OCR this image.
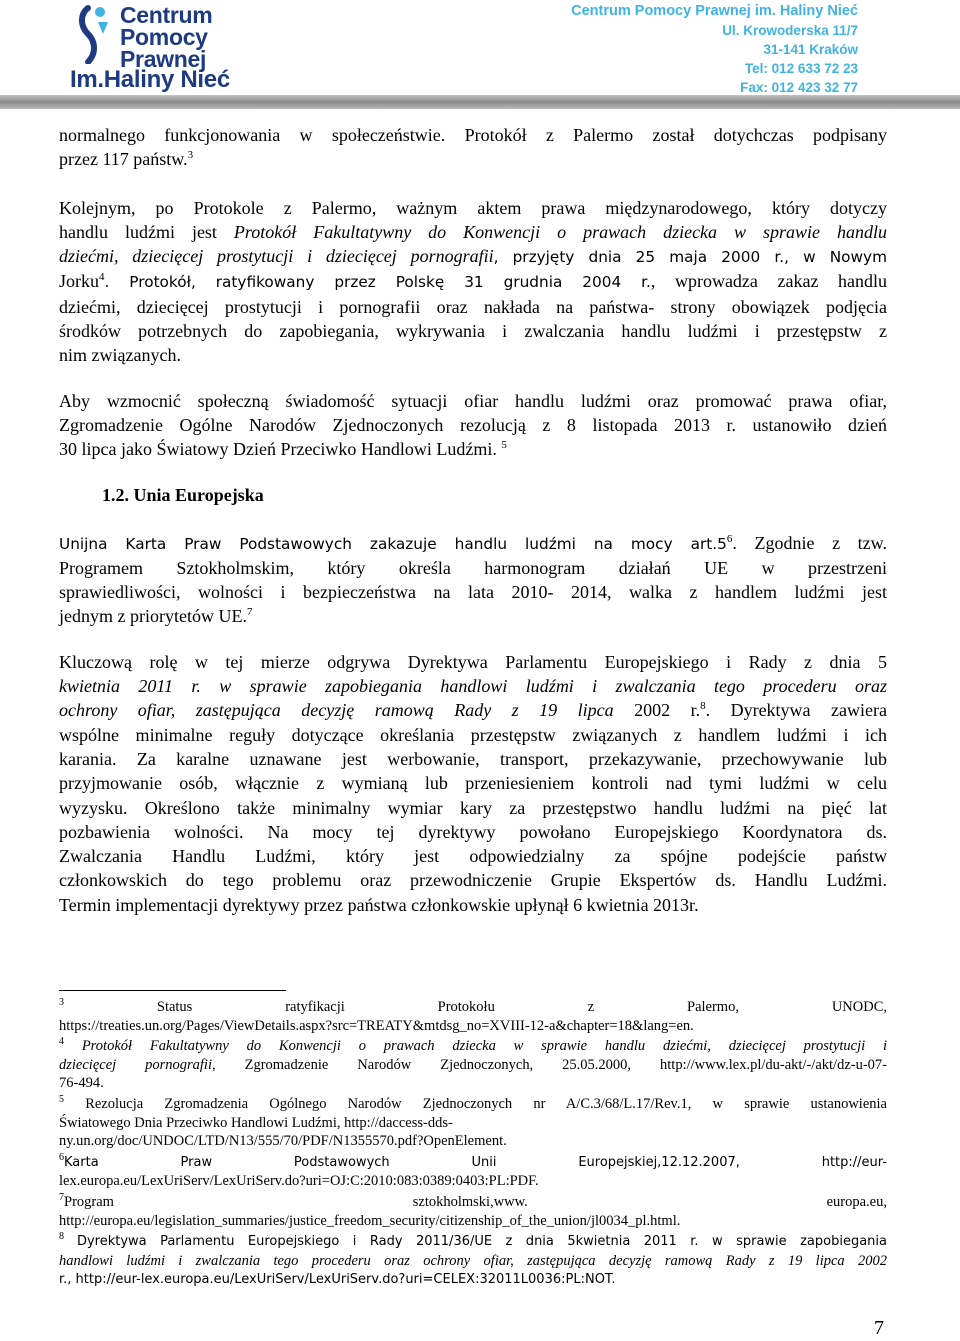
Centrum
Pomocy
Prawnej
Im.Haliny Nieć
Centrum Pomocy Prawnej im. Haliny Nieć
Ul. Krowoderska 11/7
31-141 Kraków
Tel: 012 633 72 23
Fax: 012 423 32 77
normalnego funkcjonowania w społeczeństwie. Protokół z Palermo został dotychczas podpisany
przez 117 państw.$^3$
Kolejnym, po Protokole z Palermo, ważnym aktem prawa międzynarodowego, który dotyczy
handlu ludźmi jest Protokół Fakultatywny do Konwencji o prawach dziecka w sprawie handlu
dziećmi, dziecięcej prostytucji i dziecięcej pornografii, przyjęty dnia 25 maja 2000 r., w Nowym
Jorku$^4$. Protokół, ratyfikowany przez Polskę 31 grudnia 2004 r., wprowadza zakaz handlu
dziećmi, dziecięcej prostytucji i pornografii oraz nakłada na państwa- strony obowiązek podjęcia
środków potrzebnych do zapobiegania, wykrywania i zwalczania handlu ludźmi i przestępstw z
nim związanych.
Aby wzmocnić społeczną świadomość sytuacji ofiar handlu ludźmi oraz promować prawa ofiar,
Zgromadzenie Ogólne Narodów Zjednoczonych rezolucją z 8 listopada 2013 r. ustanowiło dzień
30 lipca jako Światowy Dzień Przeciwko Handlowi Ludźmi. $^5$
1.2. Unia Europejska
Unijna Karta Praw Podstawowych zakazuje handlu ludźmi na mocy $art.5^6$. Zgodnie z tzw.
Programem Sztokholmskim, który określa harmonogram działań UE w przestrzeni
sprawiedliwości, wolności i bezpieczeństwa na lata 2010- 2014, walka z handlem ludźmi jest
jednym z priorytetów UE.$^7$
Kluczową rolę w tej mierze odgrywa Dyrektywa Parlamentu Europejskiego i Rady z dnia 5
kwietnia 2011 r. w sprawie zapobiegania handlowi ludźmi i zwalczania tego procederu oraz
ochrony ofiar, zastępująca decyzję ramową Rady z 19 lipca 2002 r.$^8$. Dyrektywa zawiera
wspólne minimalne reguły dotyczące określania przestępstw związanych z handlem ludźmi i ich
karania. Za karalne uznawane jest werbowanie, transport, przekazywanie, przechowywanie lub
przyjmowanie osób, włącznie z wymianą lub przeniesieniem kontroli nad tymi ludźmi w celu
wyzysku. Określono także minimalny wymiar kary za przestępstwo handlu ludźmi na pięć lat
pozbawienia wolności. Na mocy tej dyrektywy powołano Europejskiego Koordynatora ds.
Zwalczania Handlu Ludźmi, który jest odpowiedzialny za spójne podejście państw
członkowskich do tego problemu oraz przewodniczenie Grupie Ekspertów ds. Handlu Ludźmi.
Termin implementacji dyrektywy przez państwa członkowskie upłynął 6 kwietnia 2013r.
$^3$	Status ratyfikacji Protokołu z Palermo, UNODC,
https://treaties.un.org/Pages/ViewDetails.aspx?src=TREATY&mtdsg_no=XVIII-12-a&chapter=18&lang=en.
$^4$ Protokół Fakultatywny do Konwencji o prawach dziecka w sprawie handlu dziećmi, dziecięcej prostytucji i
dziecięcej pornografii, Zgromadzenie Narodów Zjednoczonych, 25.05.2000, http://www.lex.pl/du-akt/-/akt/dz-u-07-
76-494.
$^5$ Rezolucja Zgromadzenia Ogólnego Narodów Zjednoczonych nr A/C.3/68/L.17/Rev.1, w sprawie ustanowienia
Światowego Dnia Przeciwko Handlowi Ludźmi, http://daccess-dds-
ny.un.org/doc/UNDOC/LTD/N13/555/70/PDF/N1355570.pdf?OpenElement.
$^6$Karta Praw Podstawowych Unii Europejskiej,12.12.2007, http://eur-
lex.europa.eu/LexUriServ/LexUriServ.do?uri=OJ:C:2010:083:0389:0403:PL:PDF.
$^7$Program sztokholmski,www. europa.eu,
http://europa.eu/legislation_summaries/justice_freedom_security/citizenship_of_the_union/jl0034_pl.html.
$^8$ Dyrektywa Parlamentu Europejskiego i Rady 2011/36/UE z dnia 5kwietnia 2011 r. w sprawie zapobiegania
handlowi ludźmi i zwalczania tego procederu oraz ochrony ofiar, zastępująca decyzję ramową Rady z 19 lipca 2002
r., http://eur-lex.europa.eu/LexUriServ/LexUriServ.do?uri=CELEX:32011L0036:PL:NOT.
7
